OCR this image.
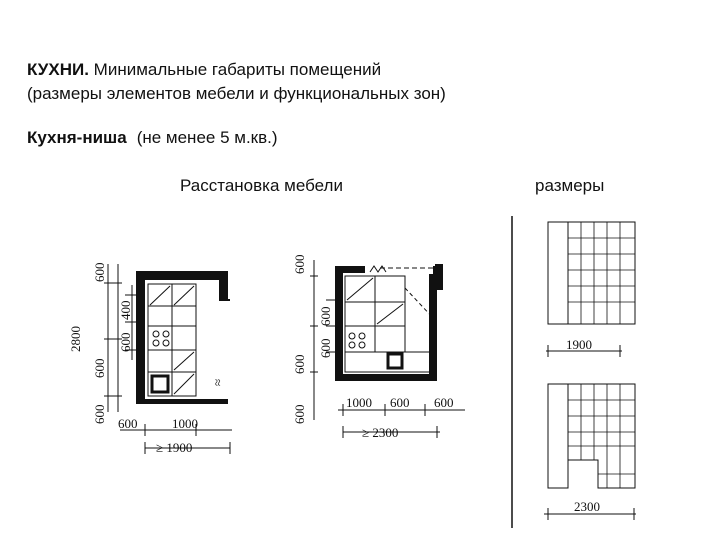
КУХНИ. Минимальные габариты помещений
(размеры элементов мебели и функциональных зон)
Кухня-ниша (не менее 5 м.кв.)
Расстановка мебели	размеры
600
2800
600
600
400
600
≈
600	1000
≥ 1900
600
600
600
600
600
1000 600 600
≥ 2300
1900
2300
